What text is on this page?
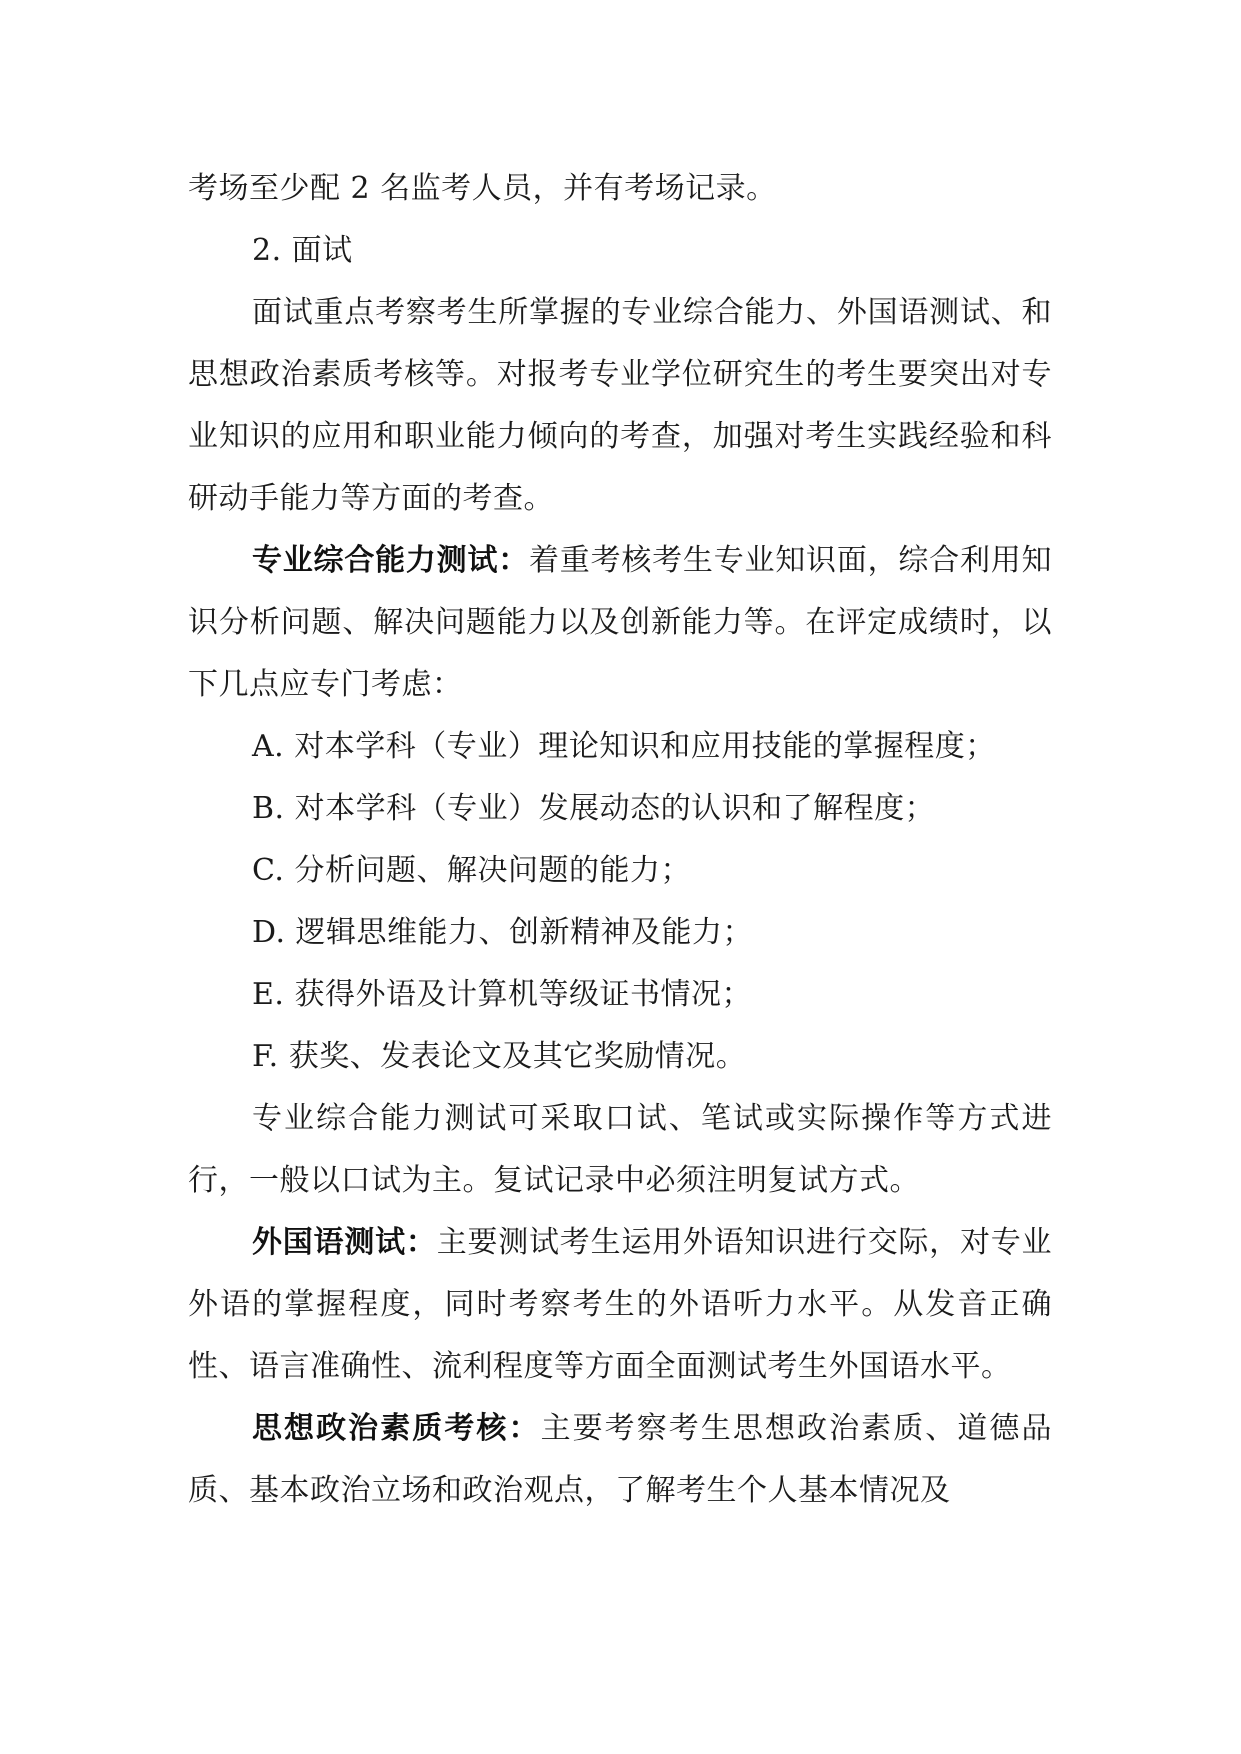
考场至少配 2 名监考人员，并有考场记录。

2. 面试

面试重点考察考生所掌握的专业综合能力、外国语测试、和思想政治素质考核等。对报考专业学位研究生的考生要突出对专业知识的应用和职业能力倾向的考查，加强对考生实践经验和科研动手能力等方面的考查。

专业综合能力测试：着重考核考生专业知识面，综合利用知识分析问题、解决问题能力以及创新能力等。在评定成绩时，以下几点应专门考虑：

A. 对本学科（专业）理论知识和应用技能的掌握程度；

B. 对本学科（专业）发展动态的认识和了解程度；

C. 分析问题、解决问题的能力；

D. 逻辑思维能力、创新精神及能力；

E. 获得外语及计算机等级证书情况；

F. 获奖、发表论文及其它奖励情况。

专业综合能力测试可采取口试、笔试或实际操作等方式进行，一般以口试为主。复试记录中必须注明复试方式。

外国语测试：主要测试考生运用外语知识进行交际，对专业外语的掌握程度，同时考察考生的外语听力水平。从发音正确性、语言准确性、流利程度等方面全面测试考生外国语水平。

思想政治素质考核：主要考察考生思想政治素质、道德品质、基本政治立场和政治观点，了解考生个人基本情况及
